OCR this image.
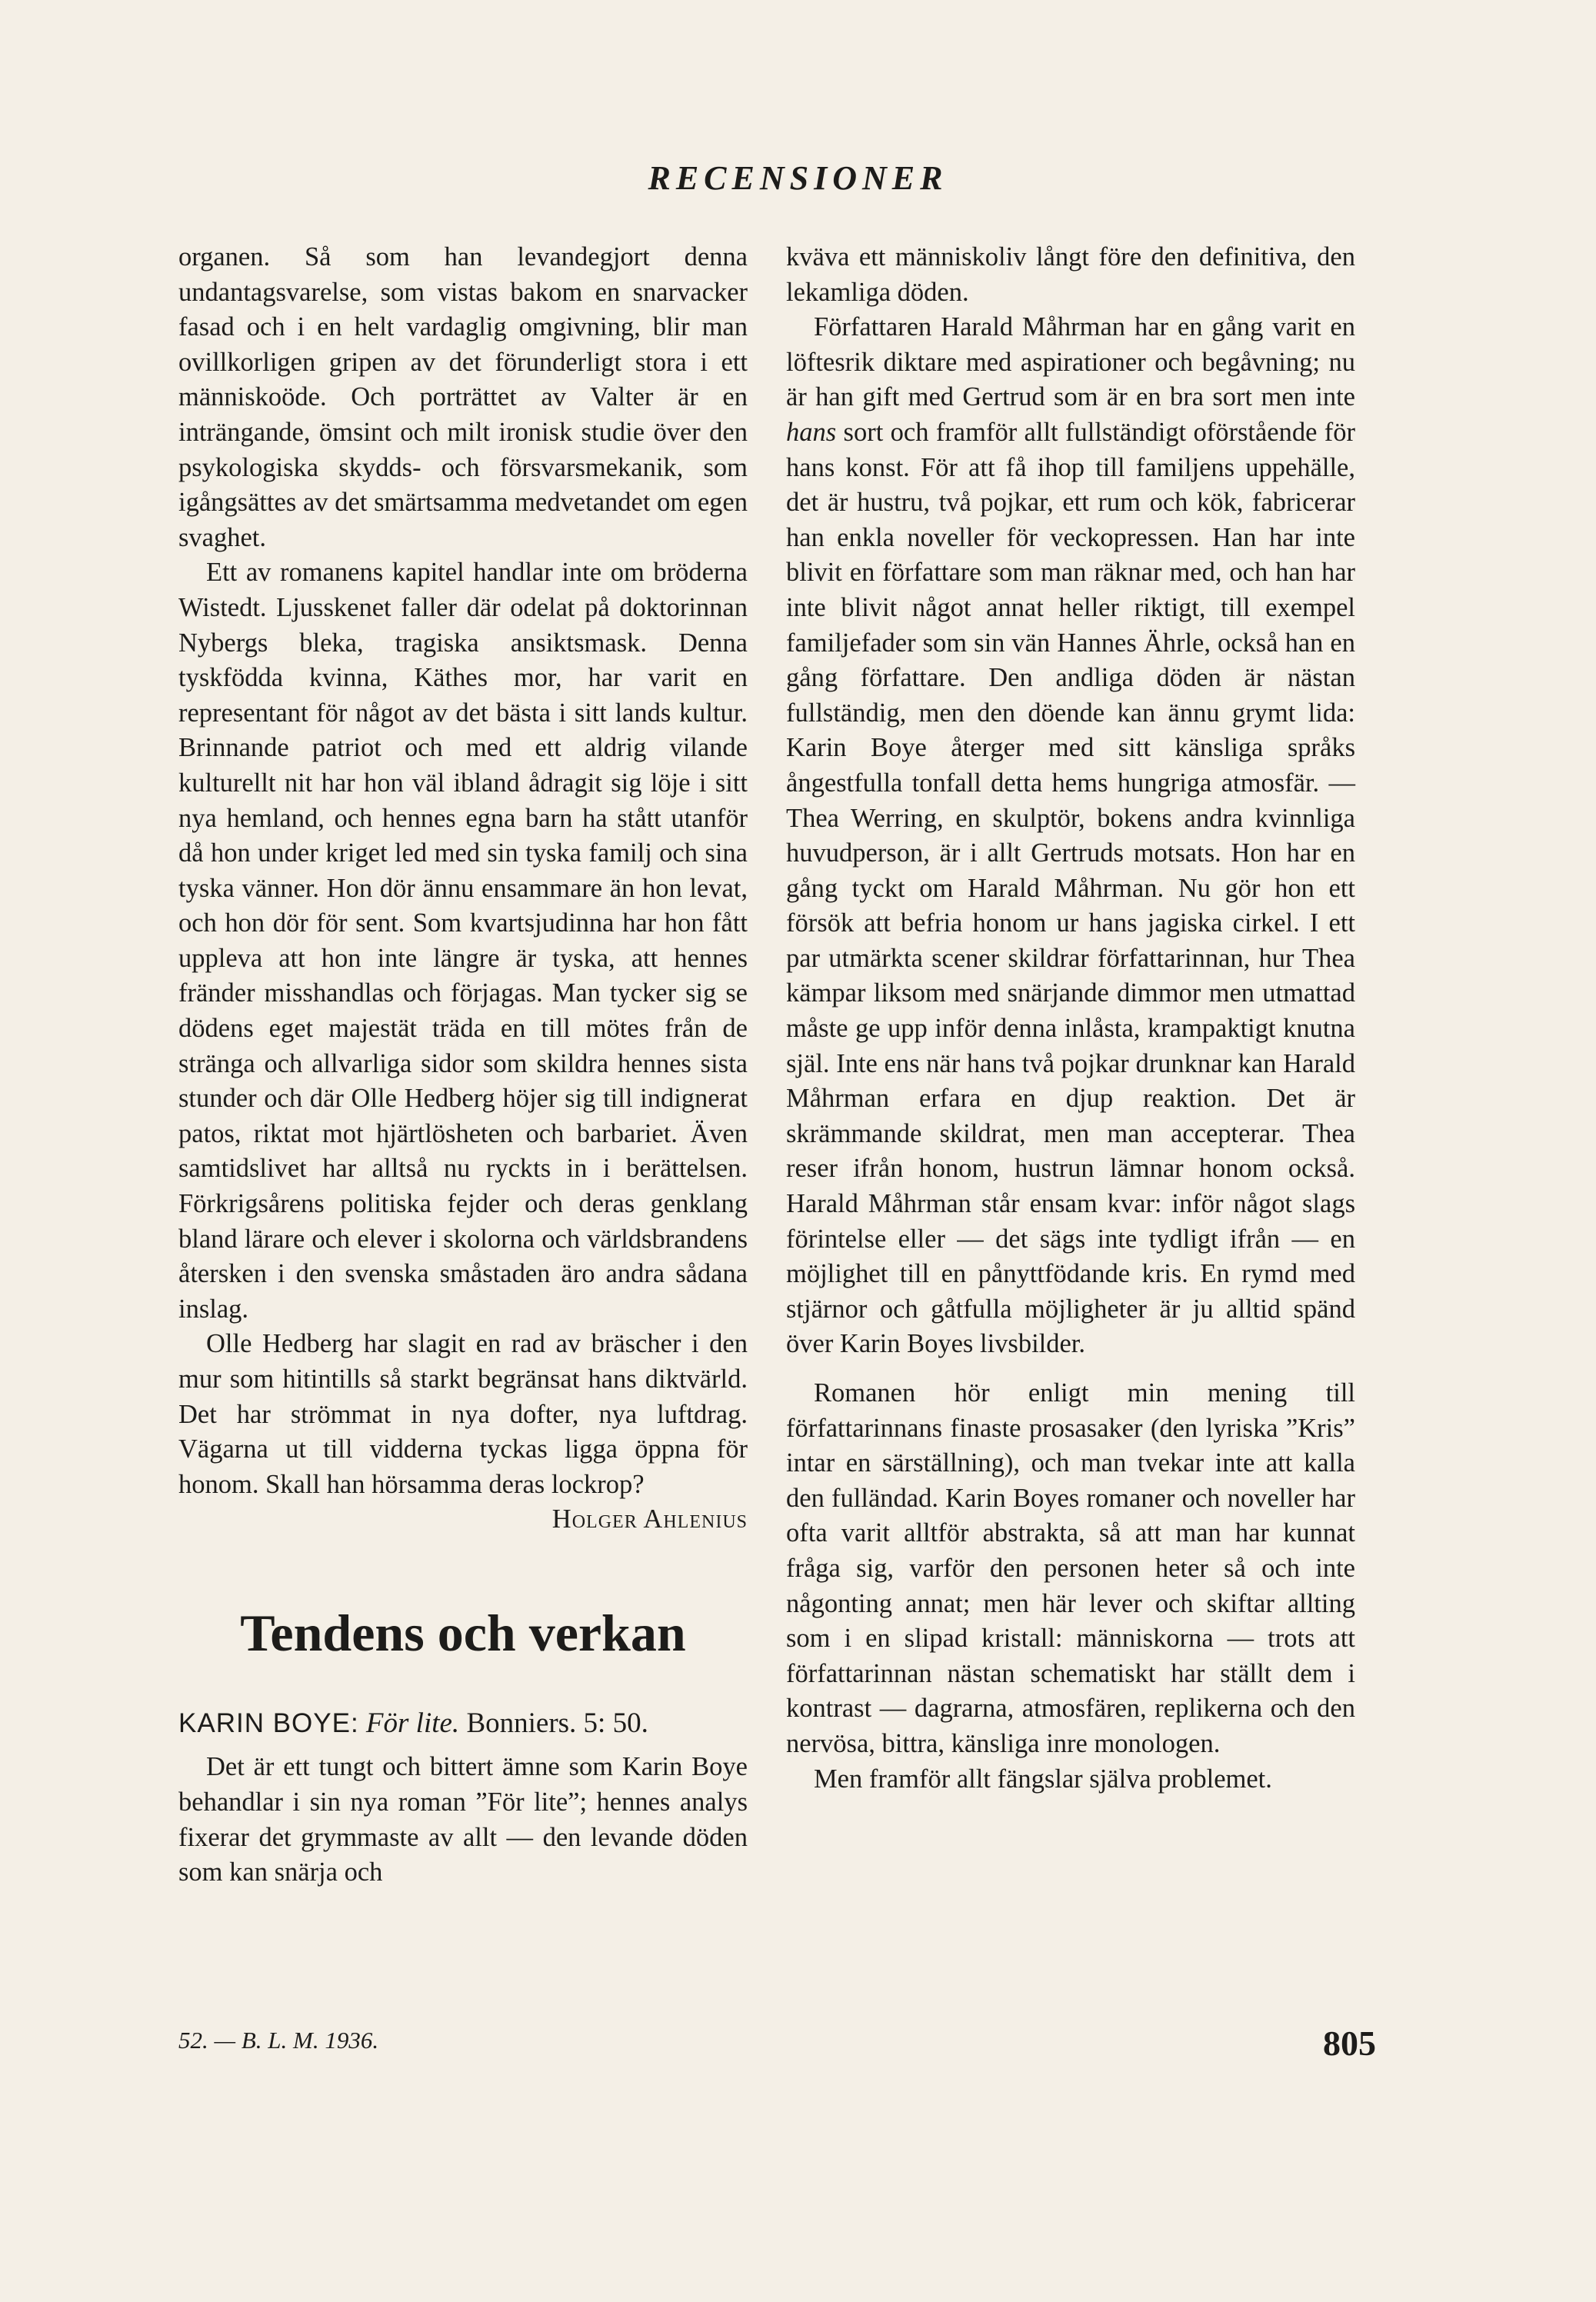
RECENSIONER

organen. Så som han levandegjort denna undantagsvarelse, som vistas bakom en snarvacker fasad och i en helt vardaglig omgivning, blir man ovillkorligen gripen av det förunderligt stora i ett människoöde. Och porträttet av Valter är en inträngande, ömsint och milt ironisk studie över den psykologiska skydds- och försvarsmekanik, som igångsättes av det smärtsamma medvetandet om egen svaghet.

Ett av romanens kapitel handlar inte om bröderna Wistedt. Ljusskenet faller där odelat på doktorinnan Nybergs bleka, tragiska ansiktsmask. Denna tyskfödda kvinna, Käthes mor, har varit en representant för något av det bästa i sitt lands kultur. Brinnande patriot och med ett aldrig vilande kulturellt nit har hon väl ibland ådragit sig löje i sitt nya hemland, och hennes egna barn ha stått utanför då hon under kriget led med sin tyska familj och sina tyska vänner. Hon dör ännu ensammare än hon levat, och hon dör för sent. Som kvartsjudinna har hon fått uppleva att hon inte längre är tyska, att hennes fränder misshandlas och förjagas. Man tycker sig se dödens eget majestät träda en till mötes från de stränga och allvarliga sidor som skildra hennes sista stunder och där Olle Hedberg höjer sig till indignerat patos, riktat mot hjärtlösheten och barbariet. Även samtidslivet har alltså nu ryckts in i berättelsen. Förkrigsårens politiska fejder och deras genklang bland lärare och elever i skolorna och världsbrandens återsken i den svenska småstaden äro andra sådana inslag.

Olle Hedberg har slagit en rad av bräscher i den mur som hitintills så starkt begränsat hans diktvärld. Det har strömmat in nya dofter, nya luftdrag. Vägarna ut till vidderna tyckas ligga öppna för honom. Skall han hörsamma deras lockrop?
Holger Ahlenius

Tendens och verkan

KARIN BOYE: För lite. Bonniers. 5: 50.

Det är ett tungt och bittert ämne som Karin Boye behandlar i sin nya roman ”För lite”; hennes analys fixerar det grymmaste av allt — den levande döden som kan snärja och

kväva ett människoliv långt före den definitiva, den lekamliga döden.

Författaren Harald Måhrman har en gång varit en löftesrik diktare med aspirationer och begåvning; nu är han gift med Gertrud som är en bra sort men inte hans sort och framför allt fullständigt oförstående för hans konst. För att få ihop till familjens uppehälle, det är hustru, två pojkar, ett rum och kök, fabricerar han enkla noveller för veckopressen. Han har inte blivit en författare som man räknar med, och han har inte blivit något annat heller riktigt, till exempel familjefader som sin vän Hannes Ährle, också han en gång författare. Den andliga döden är nästan fullständig, men den döende kan ännu grymt lida: Karin Boye återger med sitt känsliga språks ångestfulla tonfall detta hems hungriga atmosfär. — Thea Werring, en skulptör, bokens andra kvinnliga huvudperson, är i allt Gertruds motsats. Hon har en gång tyckt om Harald Måhrman. Nu gör hon ett försök att befria honom ur hans jagiska cirkel. I ett par utmärkta scener skildrar författarinnan, hur Thea kämpar liksom med snärjande dimmor men utmattad måste ge upp inför denna inlåsta, krampaktigt knutna själ. Inte ens när hans två pojkar drunknar kan Harald Måhrman erfara en djup reaktion. Det är skrämmande skildrat, men man accepterar. Thea reser ifrån honom, hustrun lämnar honom också. Harald Måhrman står ensam kvar: inför något slags förintelse eller — det sägs inte tydligt ifrån — en möjlighet till en pånyttfödande kris. En rymd med stjärnor och gåtfulla möjligheter är ju alltid spänd över Karin Boyes livsbilder.

Romanen hör enligt min mening till författarinnans finaste prosasaker (den lyriska ”Kris” intar en särställning), och man tvekar inte att kalla den fulländad. Karin Boyes romaner och noveller har ofta varit alltför abstrakta, så att man har kunnat fråga sig, varför den personen heter så och inte någonting annat; men här lever och skiftar allting som i en slipad kristall: människorna — trots att författarinnan nästan schematiskt har ställt dem i kontrast — dagrarna, atmosfären, replikerna och den nervösa, bittra, känsliga inre monologen.

Men framför allt fängslar själva problemet.

52. — B. L. M. 1936.	805
